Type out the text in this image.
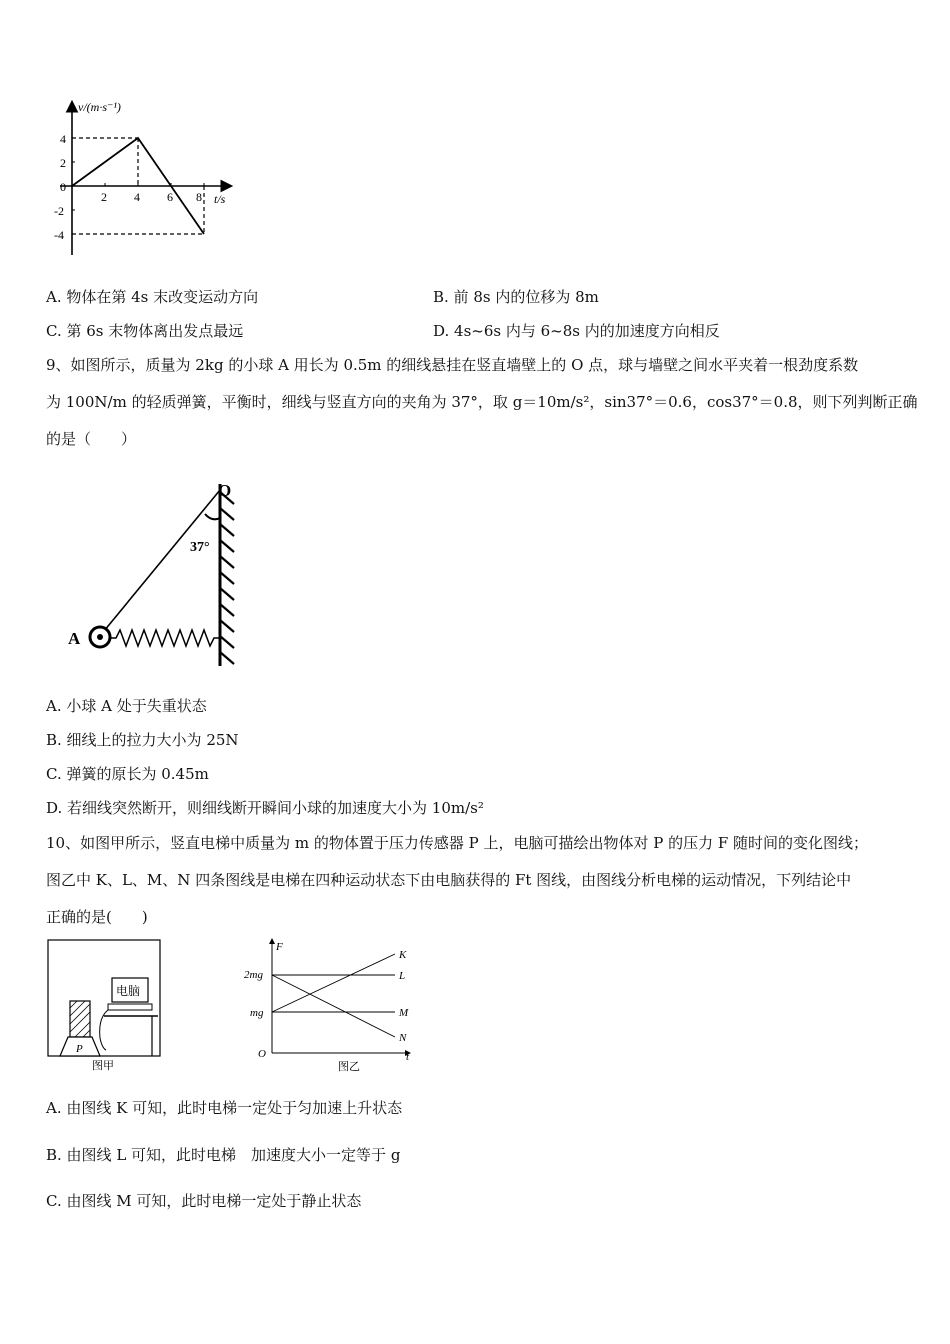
v/(m·s⁻¹)
t/s
4
2
0
-2
-4
2 4 6 8
A. 物体在第 4s 末改变运动方向	B. 前 8s 内的位移为 8m
C. 第 6s 末物体离出发点最远	D. 4s~6s 内与 6~8s 内的加速度方向相反
9、如图所示，质量为 2kg 的小球 A 用长为 0.5m 的细线悬挂在竖直墙壁上的 O 点，球与墙壁之间水平夹着一根劲度系数
为 100N/m 的轻质弹簧，平衡时，细线与竖直方向的夹角为 37°，取 g＝10m/s²，sin37°＝0.6，cos37°＝0.8，则下列判断正确
的是（　　）
O
37°
A
A. 小球 A 处于失重状态
B. 细线上的拉力大小为 25N
C. 弹簧的原长为 0.45m
D. 若细线突然断开，则细线断开瞬间小球的加速度大小为 10m/s²
10、如图甲所示，竖直电梯中质量为 m 的物体置于压力传感器 P 上，电脑可描绘出物体对 P 的压力 F 随时间的变化图线；
图乙中 K、L、M、N 四条图线是电梯在四种运动状态下由电脑获得的 Ft 图线，由图线分析电梯的运动情况，下列结论中
正确的是(　　)
电脑
P
图甲
F
t
O
2mg
mg
K
L
M
N
图乙
A. 由图线 K 可知，此时电梯一定处于匀加速上升状态
B. 由图线 L 可知，此时电梯　加速度大小一定等于 g
C. 由图线 M 可知，此时电梯一定处于静止状态
